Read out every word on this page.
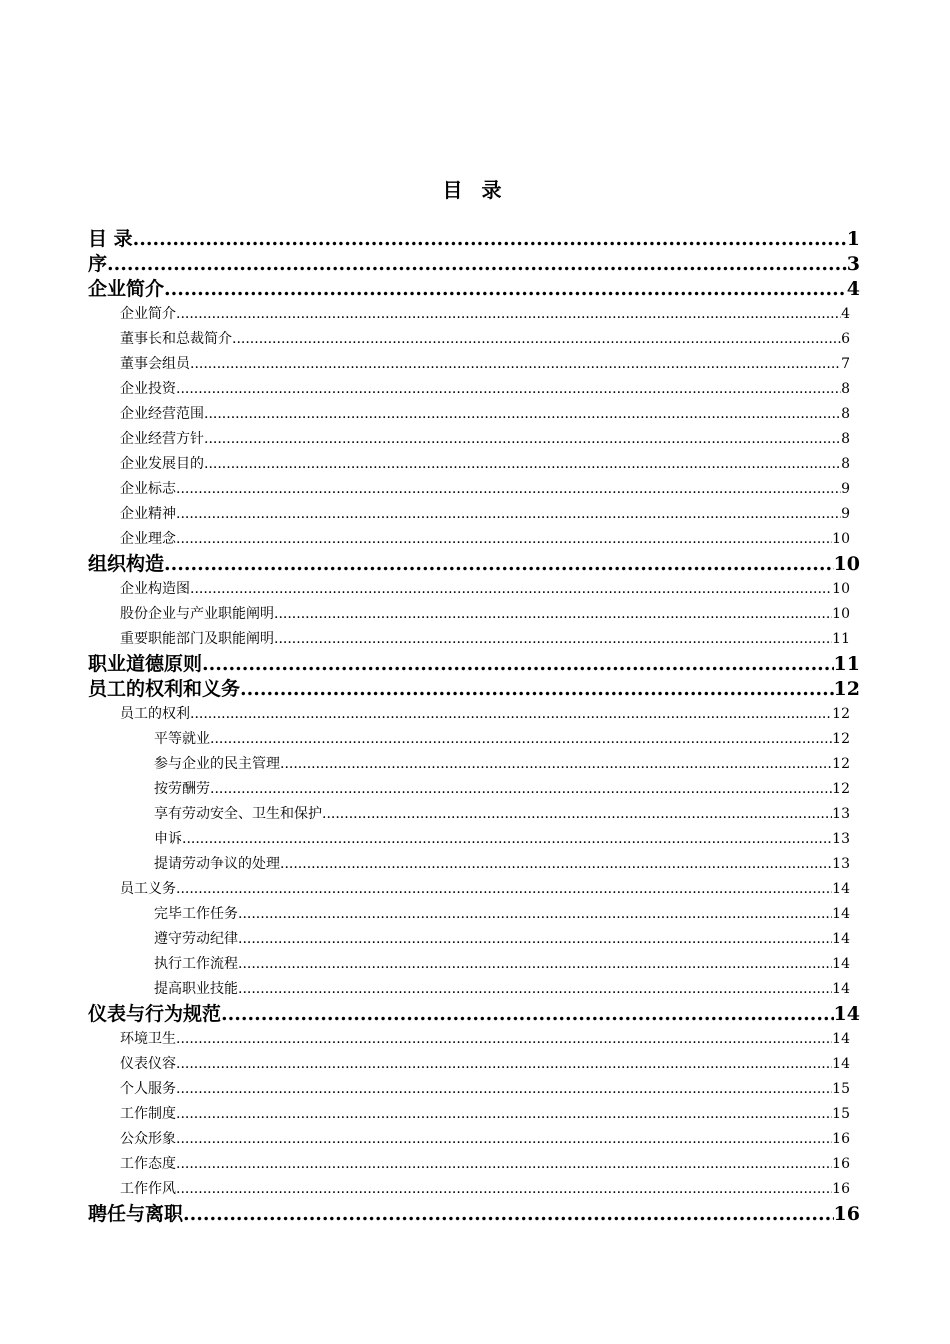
目 录
目 录 .....	1
序 .....	3
企业简介 .....	4
企业简介 .....	4
董事长和总裁简介 .....	6
董事会组员 .....	7
企业投资 .....	8
企业经营范围 .....	8
企业经营方针 .....	8
企业发展目的 .....	8
企业标志 .....	9
企业精神 .....	9
企业理念 .....	10
组织构造 .....	10
企业构造图 .....	10
股份企业与产业职能阐明 .....	10
重要职能部门及职能阐明 .....	11
职业道德原则 .....	11
员工的权利和义务 .....	12
员工的权利 .....	12
平等就业 .....	12
参与企业的民主管理 .....	12
按劳酬劳 .....	12
享有劳动安全、卫生和保护 .....	13
申诉 .....	13
提请劳动争议的处理 .....	13
员工义务 .....	14
完毕工作任务 .....	14
遵守劳动纪律 .....	14
执行工作流程 .....	14
提高职业技能 .....	14
仪表与行为规范 .....	14
环境卫生 .....	14
仪表仪容 .....	14
个人服务 .....	15
工作制度 .....	15
公众形象 .....	16
工作态度 .....	16
工作作风 .....	16
聘任与离职 .....	16
